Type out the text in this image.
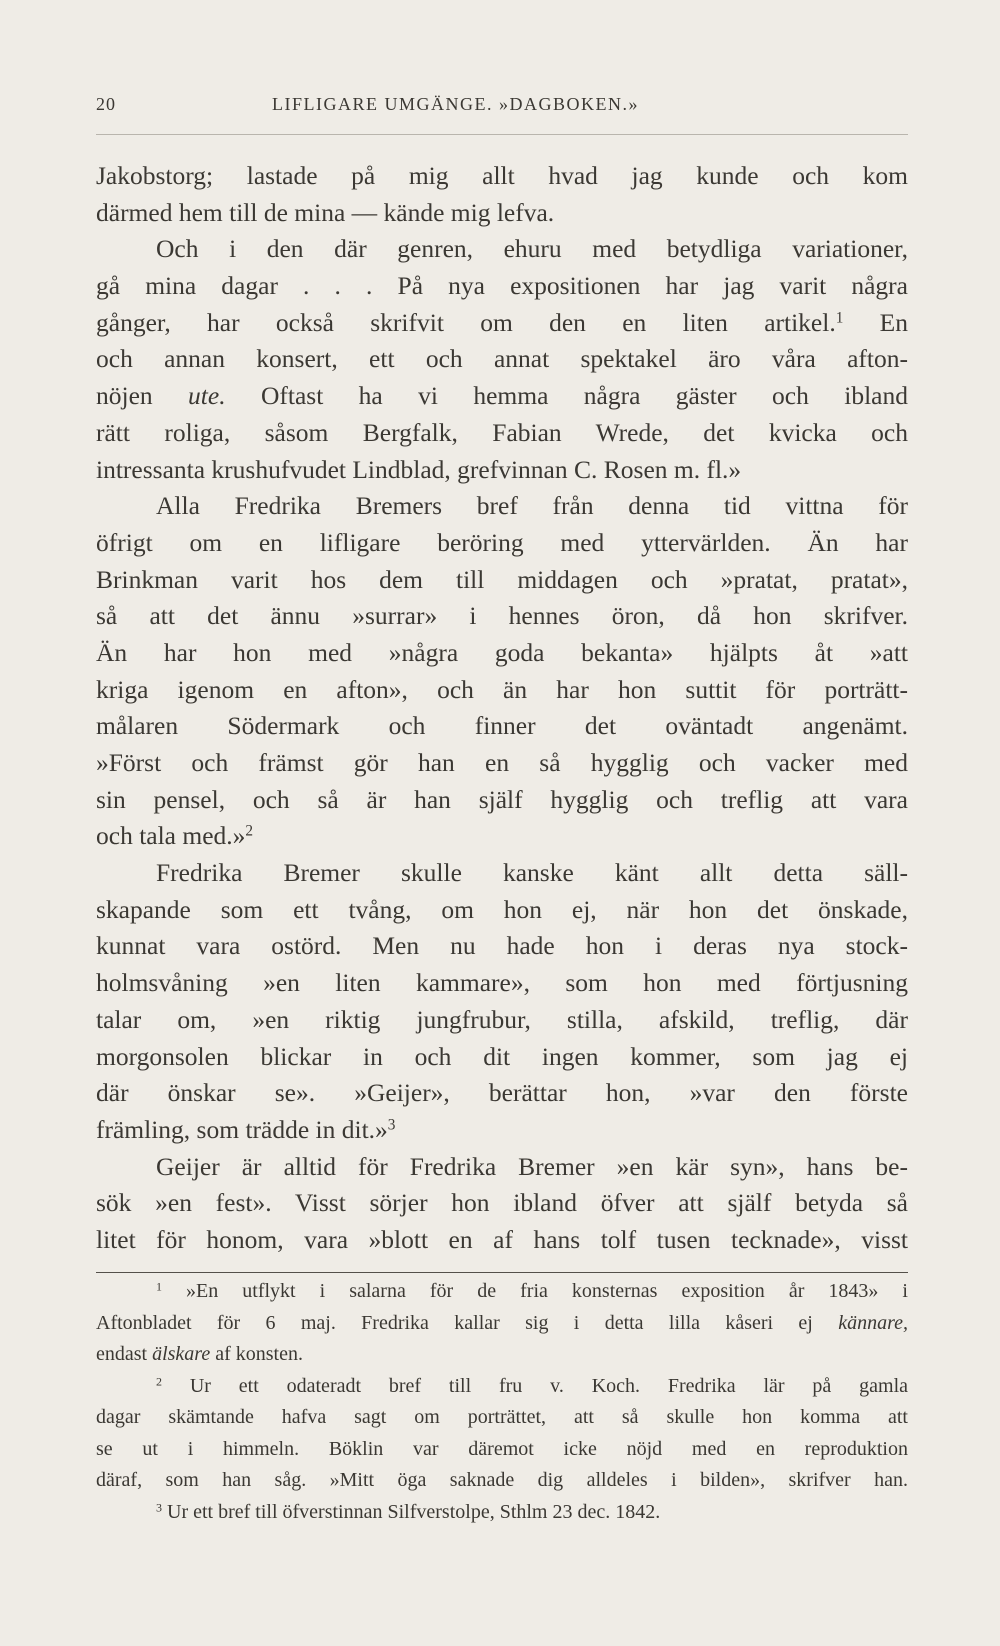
20	LIFLIGARE UMGÄNGE. »DAGBOKEN.»
Jakobstorg; lastade på mig allt hvad jag kunde och kom
därmed hem till de mina — kände mig lefva.
Och i den där genren, ehuru med betydliga variationer,
gå mina dagar . . . På nya expositionen har jag varit några
gånger, har också skrifvit om den en liten artikel.$^1$ En
och annan konsert, ett och annat spektakel äro våra afton-
nöjen ute. Oftast ha vi hemma några gäster och ibland
rätt roliga, såsom Bergfalk, Fabian Wrede, det kvicka och
intressanta krushufvudet Lindblad, grefvinnan C. Rosen m. fl.»
Alla Fredrika Bremers bref från denna tid vittna för
öfrigt om en lifligare beröring med yttervärlden. Än har
Brinkman varit hos dem till middagen och »pratat, pratat»,
så att det ännu »surrar» i hennes öron, då hon skrifver.
Än har hon med »några goda bekanta» hjälpts åt »att
kriga igenom en afton», och än har hon suttit för porträtt-
målaren Södermark och finner det oväntadt angenämt.
»Först och främst gör han en så hygglig och vacker med
sin pensel, och så är han själf hygglig och treflig att vara
och tala med.»$^2$
Fredrika Bremer skulle kanske känt allt detta säll-
skapande som ett tvång, om hon ej, när hon det önskade,
kunnat vara ostörd. Men nu hade hon i deras nya stock-
holmsvåning »en liten kammare», som hon med förtjusning
talar om, »en riktig jungfrubur, stilla, afskild, treflig, där
morgonsolen blickar in och dit ingen kommer, som jag ej
där önskar se». »Geijer», berättar hon, »var den förste
främling, som trädde in dit.»$^3$
Geijer är alltid för Fredrika Bremer »en kär syn», hans be-
sök »en fest». Visst sörjer hon ibland öfver att själf betyda så
litet för honom, vara »blott en af hans tolf tusen tecknade», visst
$^1$ »En utflykt i salarna för de fria konsternas exposition år 1843» i
Aftonbladet för 6 maj. Fredrika kallar sig i detta lilla kåseri ej kännare,
endast älskare af konsten.
$^2$ Ur ett odateradt bref till fru v. Koch. Fredrika lär på gamla
dagar skämtande hafva sagt om porträttet, att så skulle hon komma att
se ut i himmeln. Böklin var däremot icke nöjd med en reproduktion
däraf, som han såg. »Mitt öga saknade dig alldeles i bilden», skrifver han.
$^3$ Ur ett bref till öfverstinnan Silfverstolpe, Sthlm 23 dec. 1842.
